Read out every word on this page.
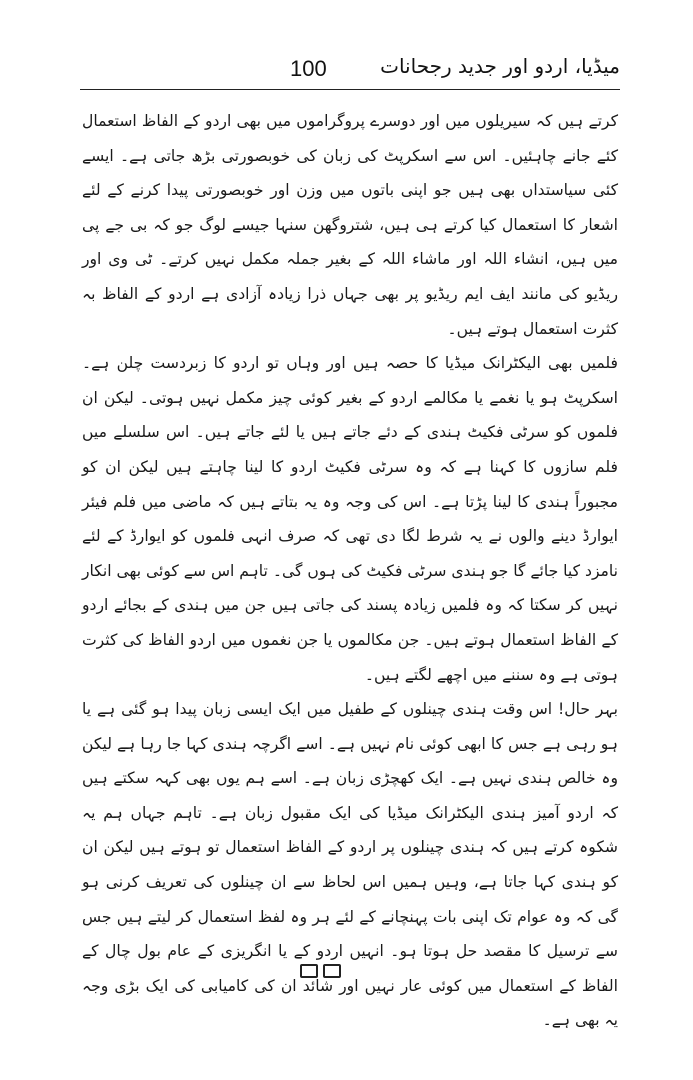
100	میڈیا، اردو اور جدید رجحانات

کرتے ہیں کہ سیریلوں میں اور دوسرے پروگراموں میں بھی اردو کے الفاظ استعمال کئے جانے چاہئیں۔ اس سے اسکرپٹ کی زبان کی خوبصورتی بڑھ جاتی ہے۔ ایسے کئی سیاستداں بھی ہیں جو اپنی باتوں میں وزن اور خوبصورتی پیدا کرنے کے لئے اشعار کا استعمال کیا کرتے ہی ہیں، شتروگھن سنہا جیسے لوگ جو کہ بی جے پی میں ہیں، انشاء اللہ اور ماشاء اللہ کے بغیر جملہ مکمل نہیں کرتے۔ ٹی وی اور ریڈیو کی مانند ایف ایم ریڈیو پر بھی جہاں ذرا زیادہ آزادی ہے اردو کے الفاظ بہ کثرت استعمال ہوتے ہیں۔

فلمیں بھی الیکٹرانک میڈیا کا حصہ ہیں اور وہاں تو اردو کا زبردست چلن ہے۔ اسکرپٹ ہو یا نغمے یا مکالمے اردو کے بغیر کوئی چیز مکمل نہیں ہوتی۔ لیکن ان فلموں کو سرٹی فکیٹ ہندی کے دئے جاتے ہیں یا لئے جاتے ہیں۔ اس سلسلے میں فلم سازوں کا کہنا ہے کہ وہ سرٹی فکیٹ اردو کا لینا چاہتے ہیں لیکن ان کو مجبوراً ہندی کا لینا پڑتا ہے۔ اس کی وجہ وہ یہ بتاتے ہیں کہ ماضی میں فلم فیئر ایوارڈ دینے والوں نے یہ شرط لگا دی تھی کہ صرف انہی فلموں کو ایوارڈ کے لئے نامزد کیا جائے گا جو ہندی سرٹی فکیٹ کی ہوں گی۔ تاہم اس سے کوئی بھی انکار نہیں کر سکتا کہ وہ فلمیں زیادہ پسند کی جاتی ہیں جن میں ہندی کے بجائے اردو کے الفاظ استعمال ہوتے ہیں۔ جن مکالموں یا جن نغموں میں اردو الفاظ کی کثرت ہوتی ہے وہ سننے میں اچھے لگتے ہیں۔

بہر حال! اس وقت ہندی چینلوں کے طفیل میں ایک ایسی زبان پیدا ہو گئی ہے یا ہو رہی ہے جس کا ابھی کوئی نام نہیں ہے۔ اسے اگرچہ ہندی کہا جا رہا ہے لیکن وہ خالص ہندی نہیں ہے۔ ایک کھچڑی زبان ہے۔ اسے ہم یوں بھی کہہ سکتے ہیں کہ اردو آمیز ہندی الیکٹرانک میڈیا کی ایک مقبول زبان ہے۔ تاہم جہاں ہم یہ شکوہ کرتے ہیں کہ ہندی چینلوں پر اردو کے الفاظ استعمال تو ہوتے ہیں لیکن ان کو ہندی کہا جاتا ہے، وہیں ہمیں اس لحاظ سے ان چینلوں کی تعریف کرنی ہو گی کہ وہ عوام تک اپنی بات پہنچانے کے لئے ہر وہ لفظ استعمال کر لیتے ہیں جس سے ترسیل کا مقصد حل ہوتا ہو۔ انہیں اردو کے یا انگریزی کے عام بول چال کے الفاظ کے استعمال میں کوئی عار نہیں اور شائد ان کی کامیابی کی ایک بڑی وجہ یہ بھی ہے۔
